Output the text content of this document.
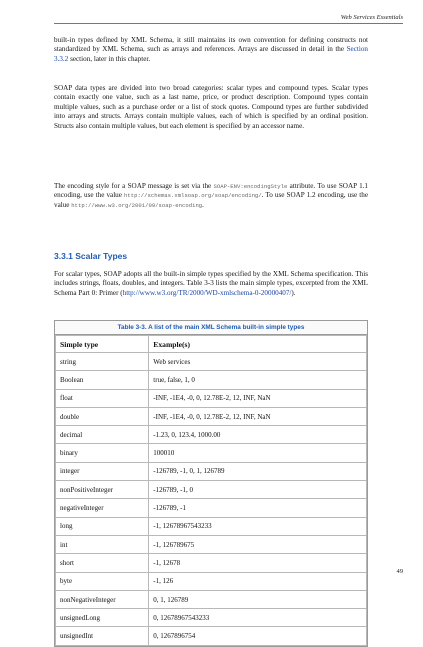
Web Services Essentials

built-in types defined by XML Schema, it still maintains its own convention for defining constructs not standardized by XML Schema, such as arrays and references. Arrays are discussed in detail in the Section 3.3.2 section, later in this chapter.

SOAP data types are divided into two broad categories: scalar types and compound types. Scalar types contain exactly one value, such as a last name, price, or product description. Compound types contain multiple values, such as a purchase order or a list of stock quotes. Compound types are further subdivided into arrays and structs. Arrays contain multiple values, each of which is specified by an ordinal position. Structs also contain multiple values, but each element is specified by an accessor name.

The encoding style for a SOAP message is set via the SOAP-ENV:encodingStyle attribute. To use SOAP 1.1 encoding, use the value http://schemas.xmlsoap.org/soap/encoding/. To use SOAP 1.2 encoding, use the value http://www.w3.org/2001/09/soap-encoding.

3.3.1 Scalar Types

For scalar types, SOAP adopts all the built-in simple types specified by the XML Schema specification. This includes strings, floats, doubles, and integers. Table 3-3 lists the main simple types, excerpted from the XML Schema Part 0: Primer (http://www.w3.org/TR/2000/WD-xmlschema-0-20000407/).

Table 3-3. A list of the main XML Schema built-in simple types
Simple type	Example(s)
string	Web services
Boolean	true, false, 1, 0
float	-INF, -1E4, -0, 0, 12.78E-2, 12, INF, NaN
double	-INF, -1E4, -0, 0, 12.78E-2, 12, INF, NaN
decimal	-1.23, 0, 123.4, 1000.00
binary	100010
integer	-126789, -1, 0, 1, 126789
nonPositiveInteger	-126789, -1, 0
negativeInteger	-126789, -1
long	-1, 12678967543233
int	-1, 126789675
short	-1, 12678
byte	-1, 126
nonNegativeInteger	0, 1, 126789
unsignedLong	0, 12678967543233
unsignedInt	0, 1267896754
49
